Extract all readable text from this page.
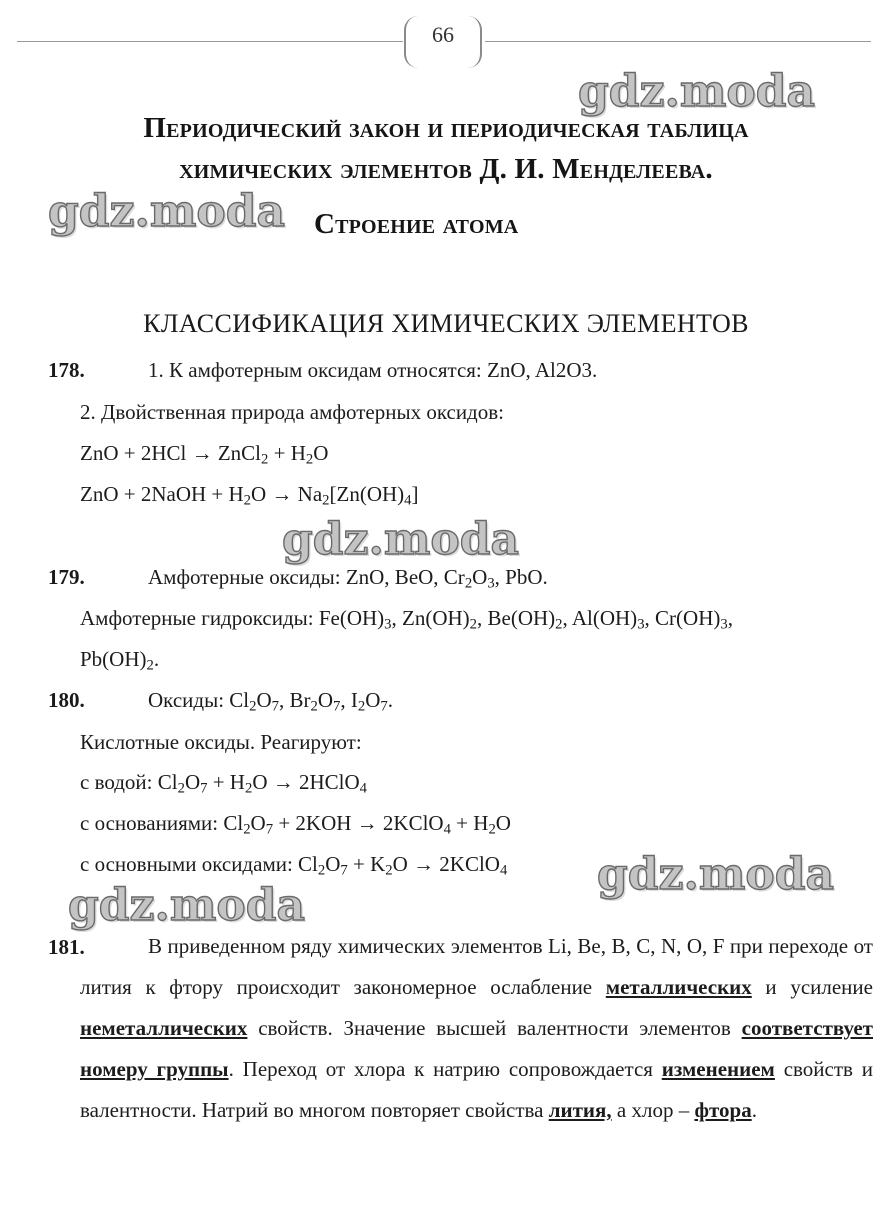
66
Периодический закон и периодическая таблица
химических элементов Д. И. Менделеева.
Строение атома
КЛАССИФИКАЦИЯ ХИМИЧЕСКИХ ЭЛЕМЕНТОВ
178.	1. К амфотерным оксидам относятся: ZnO, Al2O3.
2. Двойственная природа амфотерных оксидов:
ZnO + 2HCl → ZnCl$_2$ + $H_2O$
ZnO + 2NaOH + $H_2O \to Na_2[Zn(OH)_4]$
179.	Амфотерные оксиды: ZnO, BeO, $Cr_2O_3$, PbO.
Амфотерные гидроксиды: $Fe(OH)_3$, $Zn(OH)_2$, $Be(OH)_2$, $Al(OH)_3$, $Cr(OH)_3$,
$Pb(OH)_2$.
180.	Оксиды: $Cl_2O_7$, $Br_2O_7$, $I_2O_7$.
Кислотные оксиды. Реагируют:
с водой: $Cl_2O_7 + H_2O$ → 2HClO$_4$
с основаниями: $Cl_2O_7 + 2KOH$ → 2KClO$_4$ + $H_2O$
с основными оксидами: $Cl_2O_7 + K_2O$ → 2KClO$_4$
181.	В приведенном ряду химических элементов Li, Be, B, C, N, O, F при переходе от лития к фтору происходит закономерное ослабление металлических и усиление неметаллических свойств. Значение высшей валентности элементов соответствует номеру группы. Переход от хлора к натрию сопровождается изменением свойств и валентности. Натрий во многом повторяет свойства лития, а хлор – фтора.
gdz.moda
gdz.moda
gdz.moda
gdz.moda
gdz.moda
